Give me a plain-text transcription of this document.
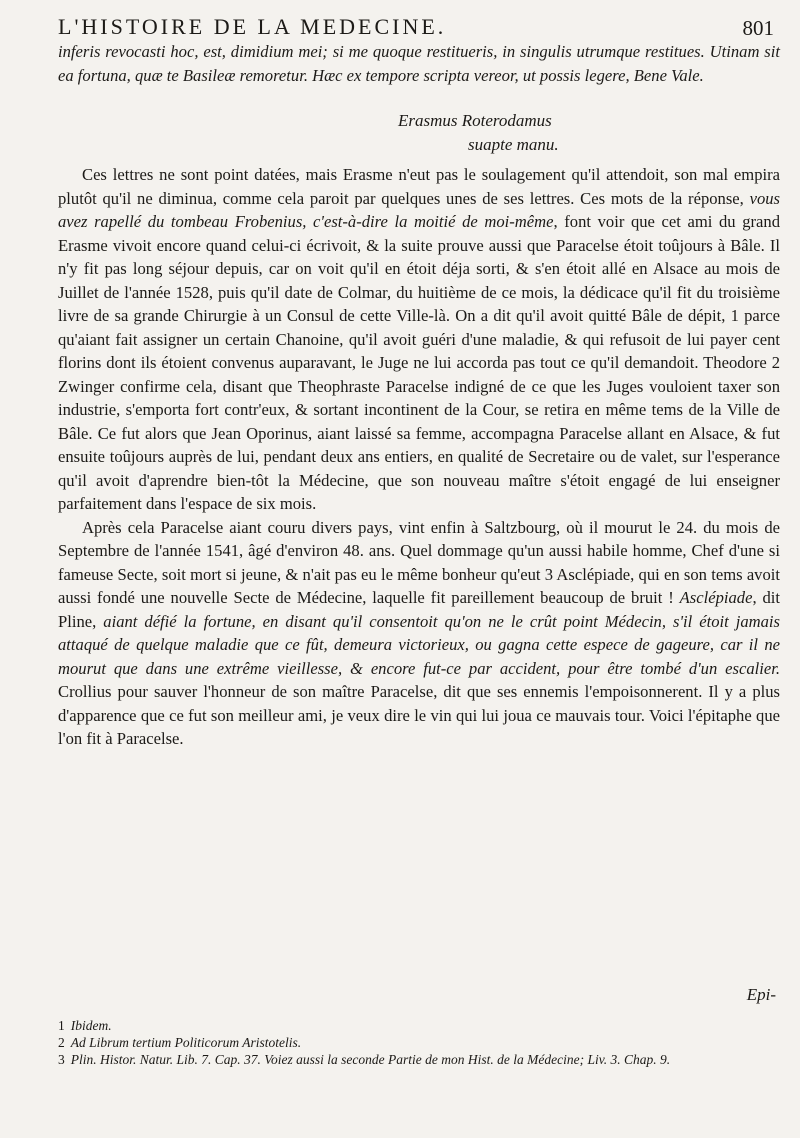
L'HISTOIRE DE LA MEDECINE.	801

inferis revocasti hoc, est, dimidium mei; si me quoque restitueris, in singulis utrumque restitues. Utinam sit ea fortuna, quæ te Basileæ remoretur. Hæc ex tempore scripta vereor, ut possis legere, Bene Vale.

Erasmus Roterodamus
suapte manu.

Ces lettres ne sont point datées, mais Erasme n'eut pas le soulagement qu'il attendoit, son mal empira plutôt qu'il ne diminua, comme cela paroit par quelques unes de ses lettres. Ces mots de la réponse, vous avez rapellé du tombeau Frobenius, c'est-à-dire la moitié de moi-même, font voir que cet ami du grand Erasme vivoit encore quand celui-ci écrivoit, & la suite prouve aussi que Paracelse étoit toûjours à Bâle. Il n'y fit pas long séjour depuis, car on voit qu'il en étoit déja sorti, & s'en étoit allé en Alsace au mois de Juillet de l'année 1528, puis qu'il date de Colmar, du huitième de ce mois, la dédicace qu'il fit du troisième livre de sa grande Chirurgie à un Consul de cette Ville-là. On a dit qu'il avoit quitté Bâle de dépit, 1 parce qu'aiant fait assigner un certain Chanoine, qu'il avoit guéri d'une maladie, & qui refusoit de lui payer cent florins dont ils étoient convenus auparavant, le Juge ne lui accorda pas tout ce qu'il demandoit. Theodore 2 Zwinger confirme cela, disant que Theophraste Paracelse indigné de ce que les Juges vouloient taxer son industrie, s'emporta fort contr'eux, & sortant incontinent de la Cour, se retira en même tems de la Ville de Bâle. Ce fut alors que Jean Oporinus, aiant laissé sa femme, accompagna Paracelse allant en Alsace, & fut ensuite toûjours auprès de lui, pendant deux ans entiers, en qualité de Secretaire ou de valet, sur l'esperance qu'il avoit d'aprendre bien-tôt la Médecine, que son nouveau maître s'étoit engagé de lui enseigner parfaitement dans l'espace de six mois.

Après cela Paracelse aiant couru divers pays, vint enfin à Saltzbourg, où il mourut le 24. du mois de Septembre de l'année 1541, âgé d'environ 48. ans. Quel dommage qu'un aussi habile homme, Chef d'une si fameuse Secte, soit mort si jeune, & n'ait pas eu le même bonheur qu'eut 3 Asclépiade, qui en son tems avoit aussi fondé une nouvelle Secte de Médecine, laquelle fit pareillement beaucoup de bruit ! Asclépiade, dit Pline, aiant défié la fortune, en disant qu'il consentoit qu'on ne le crût point Médecin, s'il étoit jamais attaqué de quelque maladie que ce fût, demeura victorieux, ou gagna cette espece de gageure, car il ne mourut que dans une extrême vieillesse, & encore fut-ce par accident, pour être tombé d'un escalier. Crollius pour sauver l'honneur de son maître Paracelse, dit que ses ennemis l'empoisonnerent. Il y a plus d'apparence que ce fut son meilleur ami, je veux dire le vin qui lui joua ce mauvais tour. Voici l'épitaphe que l'on fit à Paracelse.

Epi-

1 Ibidem.

2 Ad Librum tertium Politicorum Aristotelis.

3 Plin. Histor. Natur. Lib. 7. Cap. 37. Voiez aussi la seconde Partie de mon Hist. de la Médecine; Liv. 3. Chap. 9.
